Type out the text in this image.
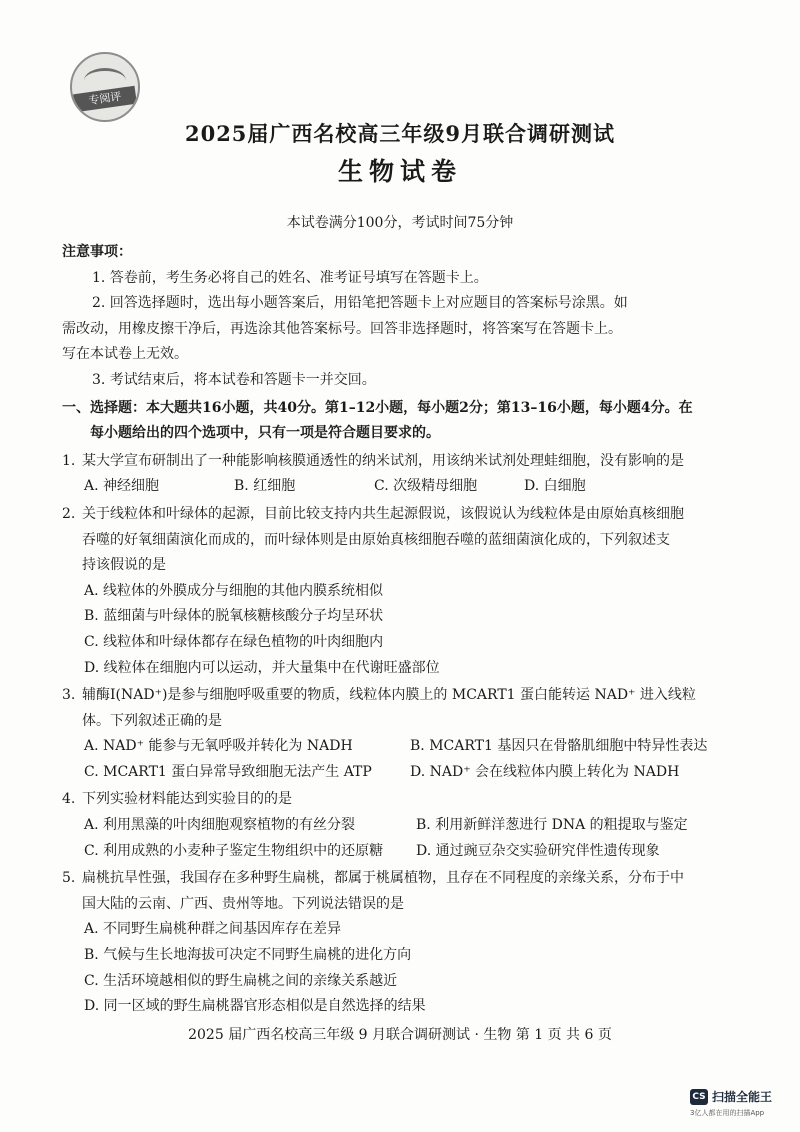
专阅评
2025届广西名校高三年级9月联合调研测试
生物试卷
本试卷满分100分，考试时间75分钟
注意事项：

1. 答卷前，考生务必将自己的姓名、准考证号填写在答题卡上。

2. 回答选择题时，选出每小题答案后，用铅笔把答题卡上对应题目的答案标号涂黑。如

需改动，用橡皮擦干净后，再选涂其他答案标号。回答非选择题时，将答案写在答题卡上。

写在本试卷上无效。

3. 考试结束后，将本试卷和答题卡一并交回。

一、选择题：本大题共16小题，共40分。第1–12小题，每小题2分；第13–16小题，每小题4分。在
每小题给出的四个选项中，只有一项是符合题目要求的。
1. 某大学宣布研制出了一种能影响核膜通透性的纳米试剂，用该纳米试剂处理蛙细胞，没有影响的是
A. 神经细胞	B. 红细胞	C. 次级精母细胞	D. 白细胞
2. 关于线粒体和叶绿体的起源，目前比较支持内共生起源假说，该假说认为线粒体是由原始真核细胞
吞噬的好氧细菌演化而成的，而叶绿体则是由原始真核细胞吞噬的蓝细菌演化成的，下列叙述支
持该假说的是
A. 线粒体的外膜成分与细胞的其他内膜系统相似
B. 蓝细菌与叶绿体的脱氧核糖核酸分子均呈环状
C. 线粒体和叶绿体都存在绿色植物的叶肉细胞内
D. 线粒体在细胞内可以运动，并大量集中在代谢旺盛部位
3. 辅酶Ⅰ(NAD⁺)是参与细胞呼吸重要的物质，线粒体内膜上的 MCART1 蛋白能转运 NAD⁺ 进入线粒
体。下列叙述正确的是
A. NAD⁺ 能参与无氧呼吸并转化为 NADH	B. MCART1 基因只在骨骼肌细胞中特异性表达
C. MCART1 蛋白异常导致细胞无法产生 ATP	D. NAD⁺ 会在线粒体内膜上转化为 NADH
4. 下列实验材料能达到实验目的的是
A. 利用黑藻的叶肉细胞观察植物的有丝分裂	B. 利用新鲜洋葱进行 DNA 的粗提取与鉴定
C. 利用成熟的小麦种子鉴定生物组织中的还原糖	D. 通过豌豆杂交实验研究伴性遗传现象
5. 扁桃抗旱性强，我国存在多种野生扁桃，都属于桃属植物，且存在不同程度的亲缘关系，分布于中
国大陆的云南、广西、贵州等地。下列说法错误的是
A. 不同野生扁桃种群之间基因库存在差异
B. 气候与生长地海拔可决定不同野生扁桃的进化方向
C. 生活环境越相似的野生扁桃之间的亲缘关系越近
D. 同一区域的野生扁桃器官形态相似是自然选择的结果
2025 届广西名校高三年级 9 月联合调研测试 · 生物 第 1 页 共 6 页
CS 扫描全能王
3亿人都在用的扫描App
